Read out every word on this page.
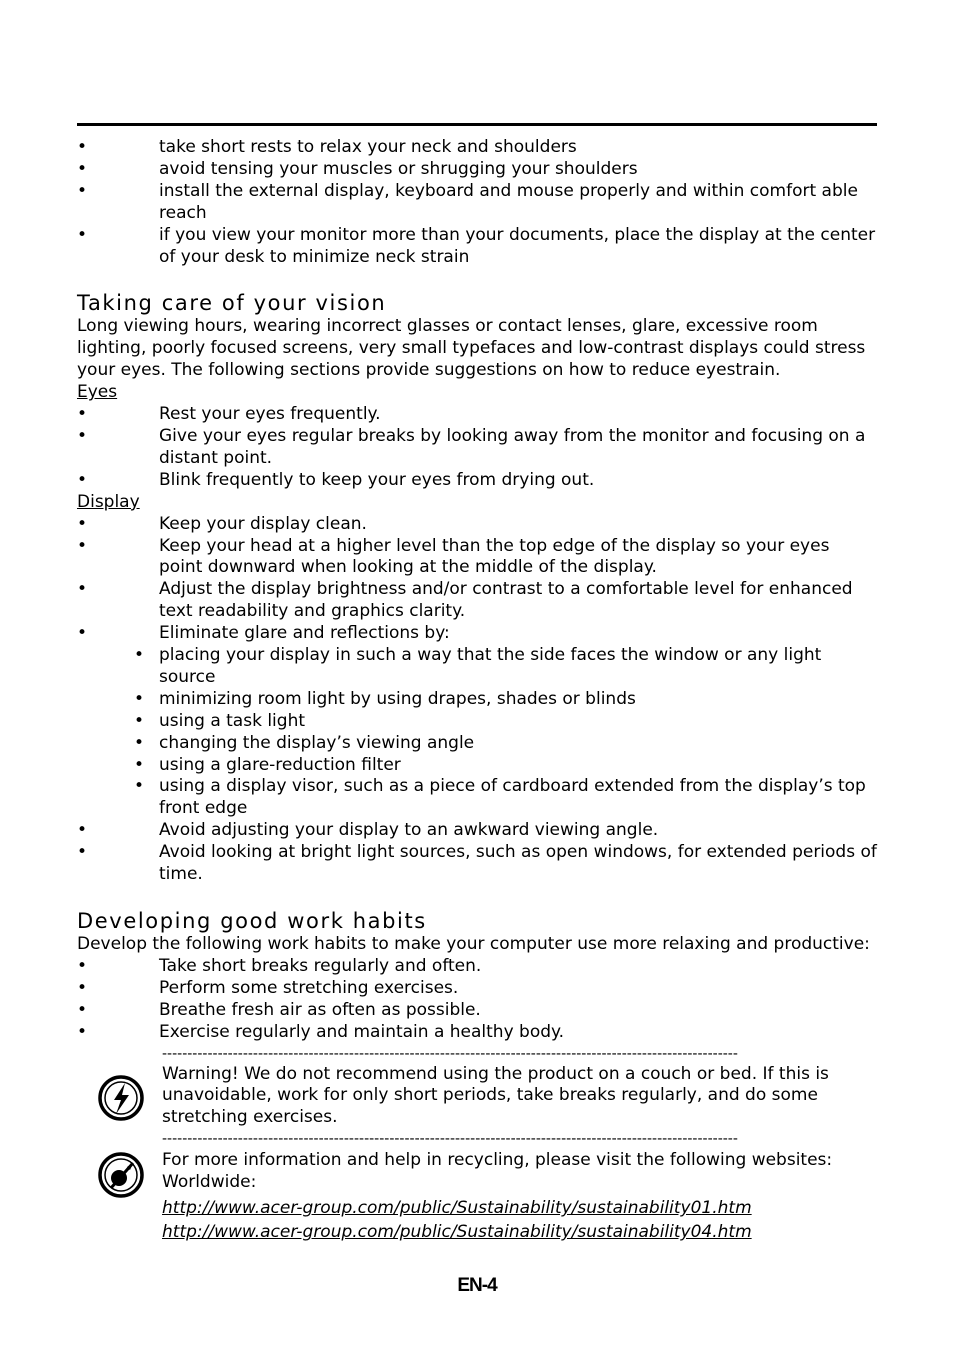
•	take short rests to relax your neck and shoulders
•	avoid tensing your muscles or shrugging your shoulders
•	install the external display, keyboard and mouse properly and within comfort able reach
•	if you view your monitor more than your documents, place the display at the center of your desk to minimize neck strain
Taking care of your vision
Long viewing hours, wearing incorrect glasses or contact lenses, glare, excessive room lighting, poorly focused screens, very small typefaces and low-contrast displays could stress your eyes. The following sections provide suggestions on how to reduce eyestrain.
Eyes
•	Rest your eyes frequently.
•	Give your eyes regular breaks by looking away from the monitor and focusing on a distant point.
•	Blink frequently to keep your eyes from drying out.
Display
•	Keep your display clean.
•	Keep your head at a higher level than the top edge of the display so your eyes point downward when looking at the middle of the display.
•	Adjust the display brightness and/or contrast to a comfortable level for enhanced text readability and graphics clarity.
•	Eliminate glare and reflections by:
• placing your display in such a way that the side faces the window or any light source
• minimizing room light by using drapes, shades or blinds
• using a task light
• changing the display’s viewing angle
• using a glare-reduction filter
• using a display visor, such as a piece of cardboard extended from the display’s top front edge
•	Avoid adjusting your display to an awkward viewing angle.
•	Avoid looking at bright light sources, such as open windows, for extended periods of time.
Developing good work habits
Develop the following work habits to make your computer use more relaxing and productive:
•	Take short breaks regularly and often.
•	Perform some stretching exercises.
•	Breathe fresh air as often as possible.
•	Exercise regularly and maintain a healthy body.
------------------------------------------------------------------------------------------------------------------
Warning! We do not recommend using the product on a couch or bed. If this is unavoidable, work for only short periods, take breaks regularly, and do some stretching exercises.
------------------------------------------------------------------------------------------------------------------
For more information and help in recycling, please visit the following websites:
Worldwide:
http://www.acer-group.com/public/Sustainability/sustainability01.htm
http://www.acer-group.com/public/Sustainability/sustainability04.htm
EN-4
